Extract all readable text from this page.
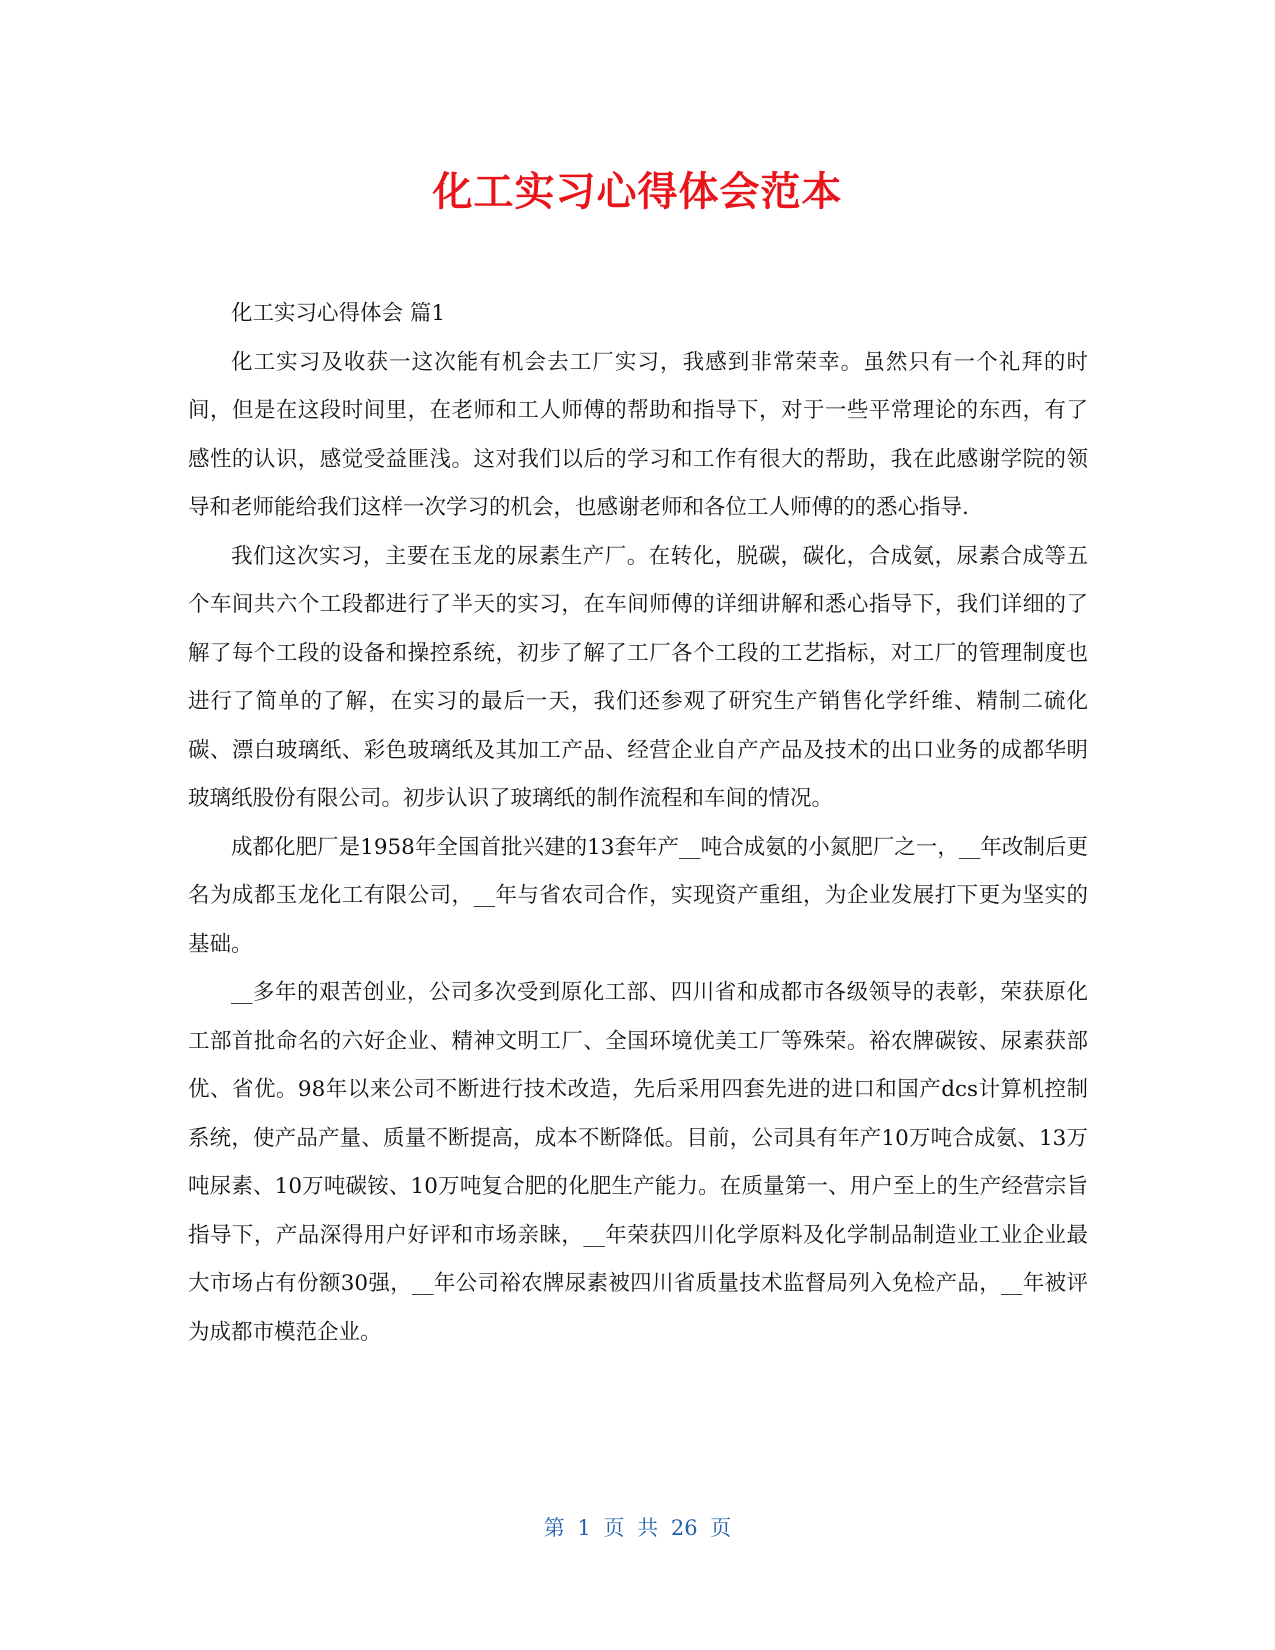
化工实习心得体会范本

化工实习心得体会 篇1

化工实习及收获一这次能有机会去工厂实习，我感到非常荣幸。虽然只有一个礼拜的时间，但是在这段时间里，在老师和工人师傅的帮助和指导下，对于一些平常理论的东西，有了感性的认识，感觉受益匪浅。这对我们以后的学习和工作有很大的帮助，我在此感谢学院的领导和老师能给我们这样一次学习的机会，也感谢老师和各位工人师傅的的悉心指导.

我们这次实习，主要在玉龙的尿素生产厂。在转化，脱碳，碳化，合成氨，尿素合成等五个车间共六个工段都进行了半天的实习，在车间师傅的详细讲解和悉心指导下，我们详细的了解了每个工段的设备和操控系统，初步了解了工厂各个工段的工艺指标，对工厂的管理制度也进行了简单的了解，在实习的最后一天，我们还参观了研究生产销售化学纤维、精制二硫化碳、漂白玻璃纸、彩色玻璃纸及其加工产品、经营企业自产产品及技术的出口业务的成都华明玻璃纸股份有限公司。初步认识了玻璃纸的制作流程和车间的情况。

成都化肥厂是1958年全国首批兴建的13套年产__吨合成氨的小氮肥厂之一，__年改制后更名为成都玉龙化工有限公司，__年与省农司合作，实现资产重组，为企业发展打下更为坚实的基础。

__多年的艰苦创业，公司多次受到原化工部、四川省和成都市各级领导的表彰，荣获原化工部首批命名的六好企业、精神文明工厂、全国环境优美工厂等殊荣。裕农牌碳铵、尿素获部优、省优。98年以来公司不断进行技术改造，先后采用四套先进的进口和国产dcs计算机控制系统，使产品产量、质量不断提高，成本不断降低。目前，公司具有年产10万吨合成氨、13万吨尿素、10万吨碳铵、10万吨复合肥的化肥生产能力。在质量第一、用户至上的生产经营宗旨指导下，产品深得用户好评和市场亲睐，__年荣获四川化学原料及化学制品制造业工业企业最大市场占有份额30强，__年公司裕农牌尿素被四川省质量技术监督局列入免检产品，__年被评为成都市模范企业。

第 1 页 共 26 页
